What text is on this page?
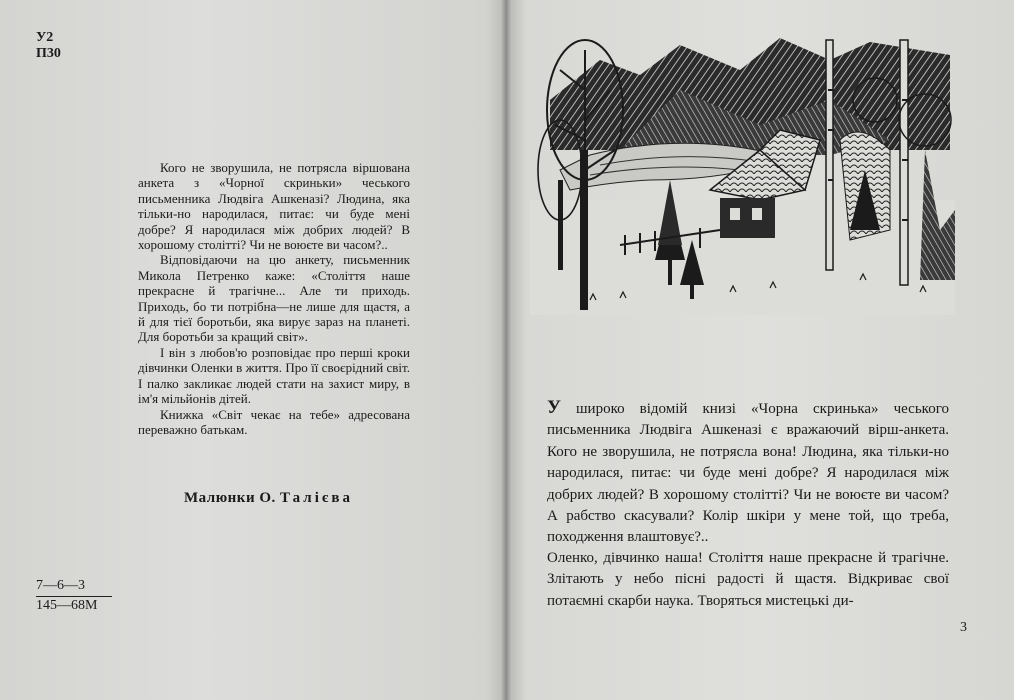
У2
П30

Кого не зворушила, не потрясла віршована анкета з «Чорної скриньки» чеського письменника Людвіга Ашкеназі? Людина, яка тільки-но народилася, питає: чи буде мені добре? Я народилася між добрих людей? В хорошому столітті? Чи не воюєте ви часом?..

Відповідаючи на цю анкету, письменник Микола Петренко каже: «Століття наше прекрасне й трагічне... Але ти приходь. Приходь, бо ти потрібна—не лише для щастя, а й для тієї боротьби, яка вирує зараз на планеті. Для боротьби за кращий світ».

І він з любов'ю розповідає про перші кроки дівчинки Оленки в життя. Про її своєрідний світ. І палко закликає людей стати на захист миру, в ім'я мільйонів дітей.

Книжка «Світ чекає на тебе» адресована переважно батькам.

Малюнки О. Талієва
7—6—3
145—68М

У широко відомій книзі «Чорна скринька» чеського письменника Людвіга Ашкеназі є вражаючий вірш-анкета. Кого не зворушила, не потрясла вона! Людина, яка тільки-но народилася, питає: чи буде мені добре? Я народилася між добрих людей? В хорошому столітті? Чи не воюєте ви часом? А рабство скасували? Колір шкіри у мене той, що треба, походження влаштовує?..

Оленко, дівчинко наша! Століття наше прекрасне й трагічне. Злітають у небо пісні радості й щастя. Відкриває свої потаємні скарби наука. Творяться мистецькі ди-

3
